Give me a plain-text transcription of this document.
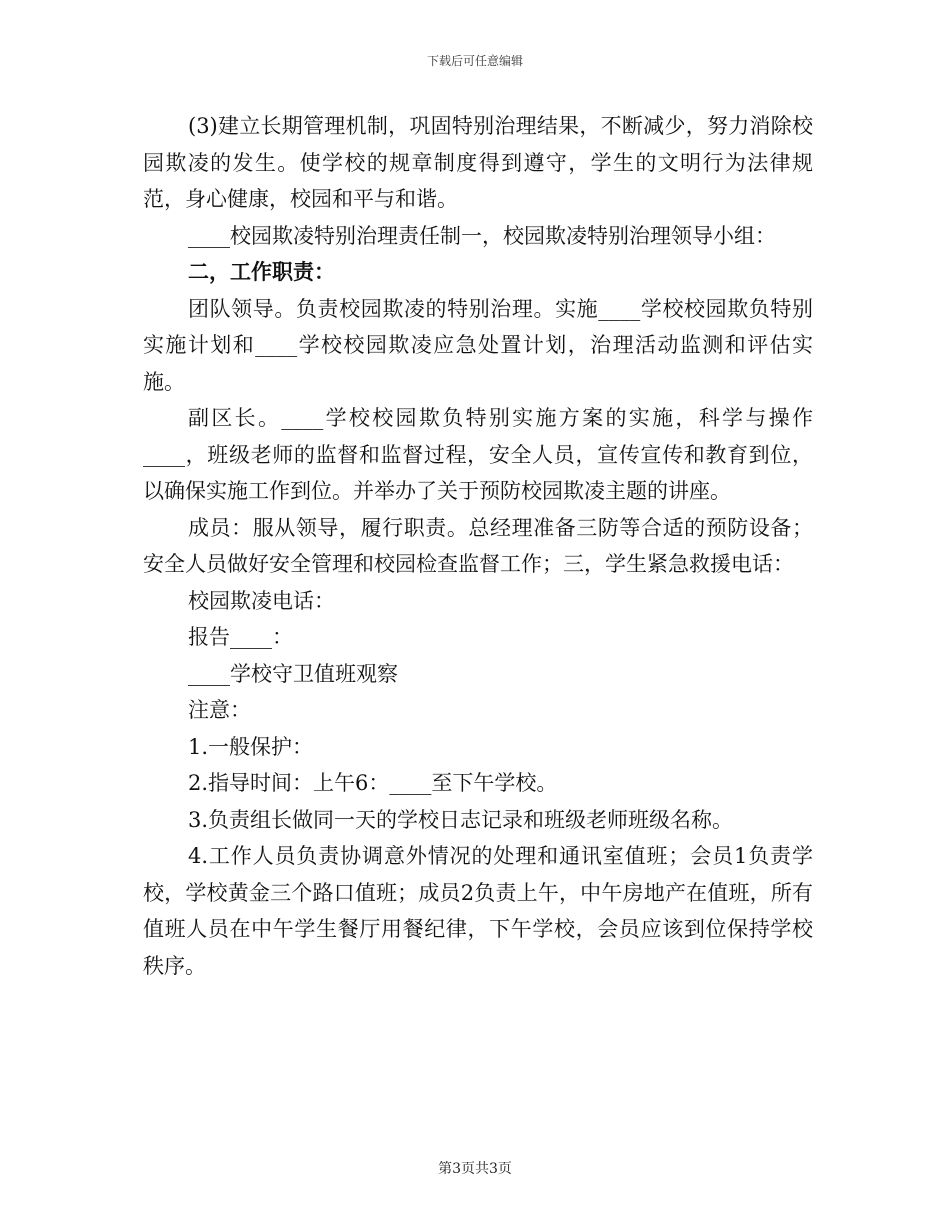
下载后可任意编辑

(3)建立长期管理机制，巩固特别治理结果，不断减少，努力消除校园欺凌的发生。使学校的规章制度得到遵守，学生的文明行为法律规范，身心健康，校园和平与和谐。

____校园欺凌特别治理责任制一，校园欺凌特别治理领导小组：

二，工作职责：

团队领导。负责校园欺凌的特别治理。实施____学校校园欺负特别实施计划和____学校校园欺凌应急处置计划，治理活动监测和评估实施。

副区长。____学校校园欺负特别实施方案的实施，科学与操作____，班级老师的监督和监督过程，安全人员，宣传宣传和教育到位，以确保实施工作到位。并举办了关于预防校园欺凌主题的讲座。

成员：服从领导，履行职责。总经理准备三防等合适的预防设备；安全人员做好安全管理和校园检查监督工作；三，学生紧急救援电话：

校园欺凌电话：

报告____：

____学校守卫值班观察

注意：

1.一般保护：

2.指导时间：上午6：____至下午学校。

3.负责组长做同一天的学校日志记录和班级老师班级名称。

4.工作人员负责协调意外情况的处理和通讯室值班；会员1负责学校，学校黄金三个路口值班；成员2负责上午，中午房地产在值班，所有值班人员在中午学生餐厅用餐纪律，下午学校，会员应该到位保持学校秩序。

第3页共3页
